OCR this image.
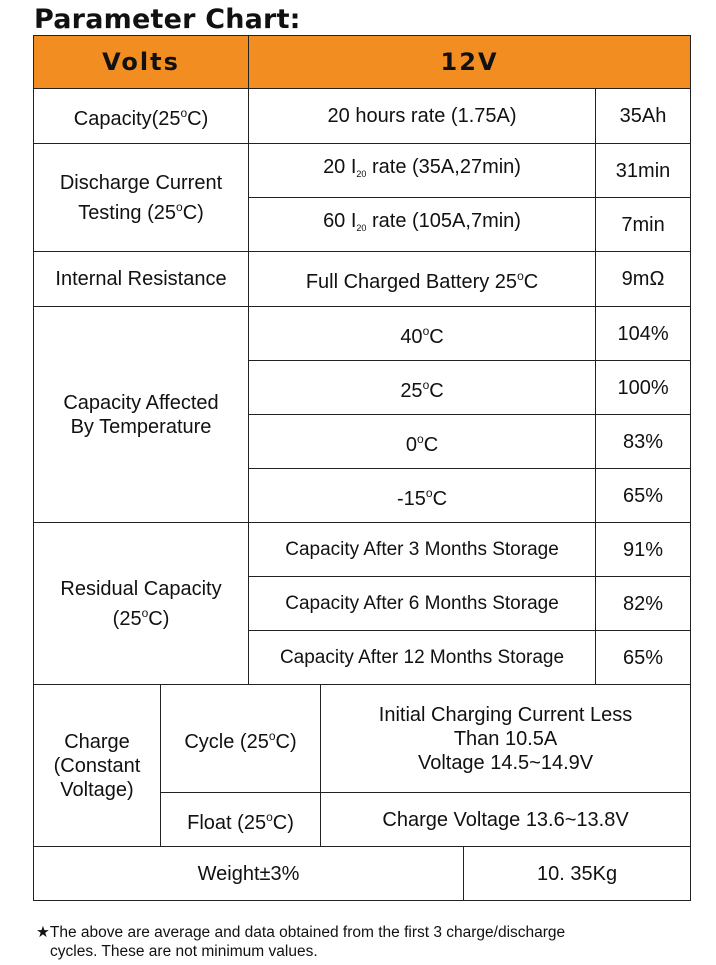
Parameter Chart:
Volts		12V			
Capacity(25$^o$C)		20 hours rate (1.75A)			35Ah
Discharge Current
Testing (25$^o$C)		20 $I_{20}$ rate (35A,27min)			31min
		60 $I_{20}$ rate (105A,7min)			7min
Internal Resistance		Full Charged Battery 25$^o$C			9mΩ
Capacity Affected
By Temperature		40$^o$C			104%
		25$^o$C			100%
		0$^o$C			83%
		-15$^o$C			65%
Residual Capacity
(25$^o$C)		Capacity After 3 Months Storage			91%
		Capacity After 6 Months Storage			82%
		Capacity After 12 Months Storage			65%
Charge
(Constant
Voltage)	Cycle (25$^o$C)		Initial Charging Current Less
Than 10.5A
Voltage 14.5~14.9V		
	Float (25$^o$C)		Charge Voltage 13.6~13.8V		
Weight±3%				10. 35Kg	

★The above are average and data obtained from the first 3 charge/discharge
cycles. These are not minimum values.
